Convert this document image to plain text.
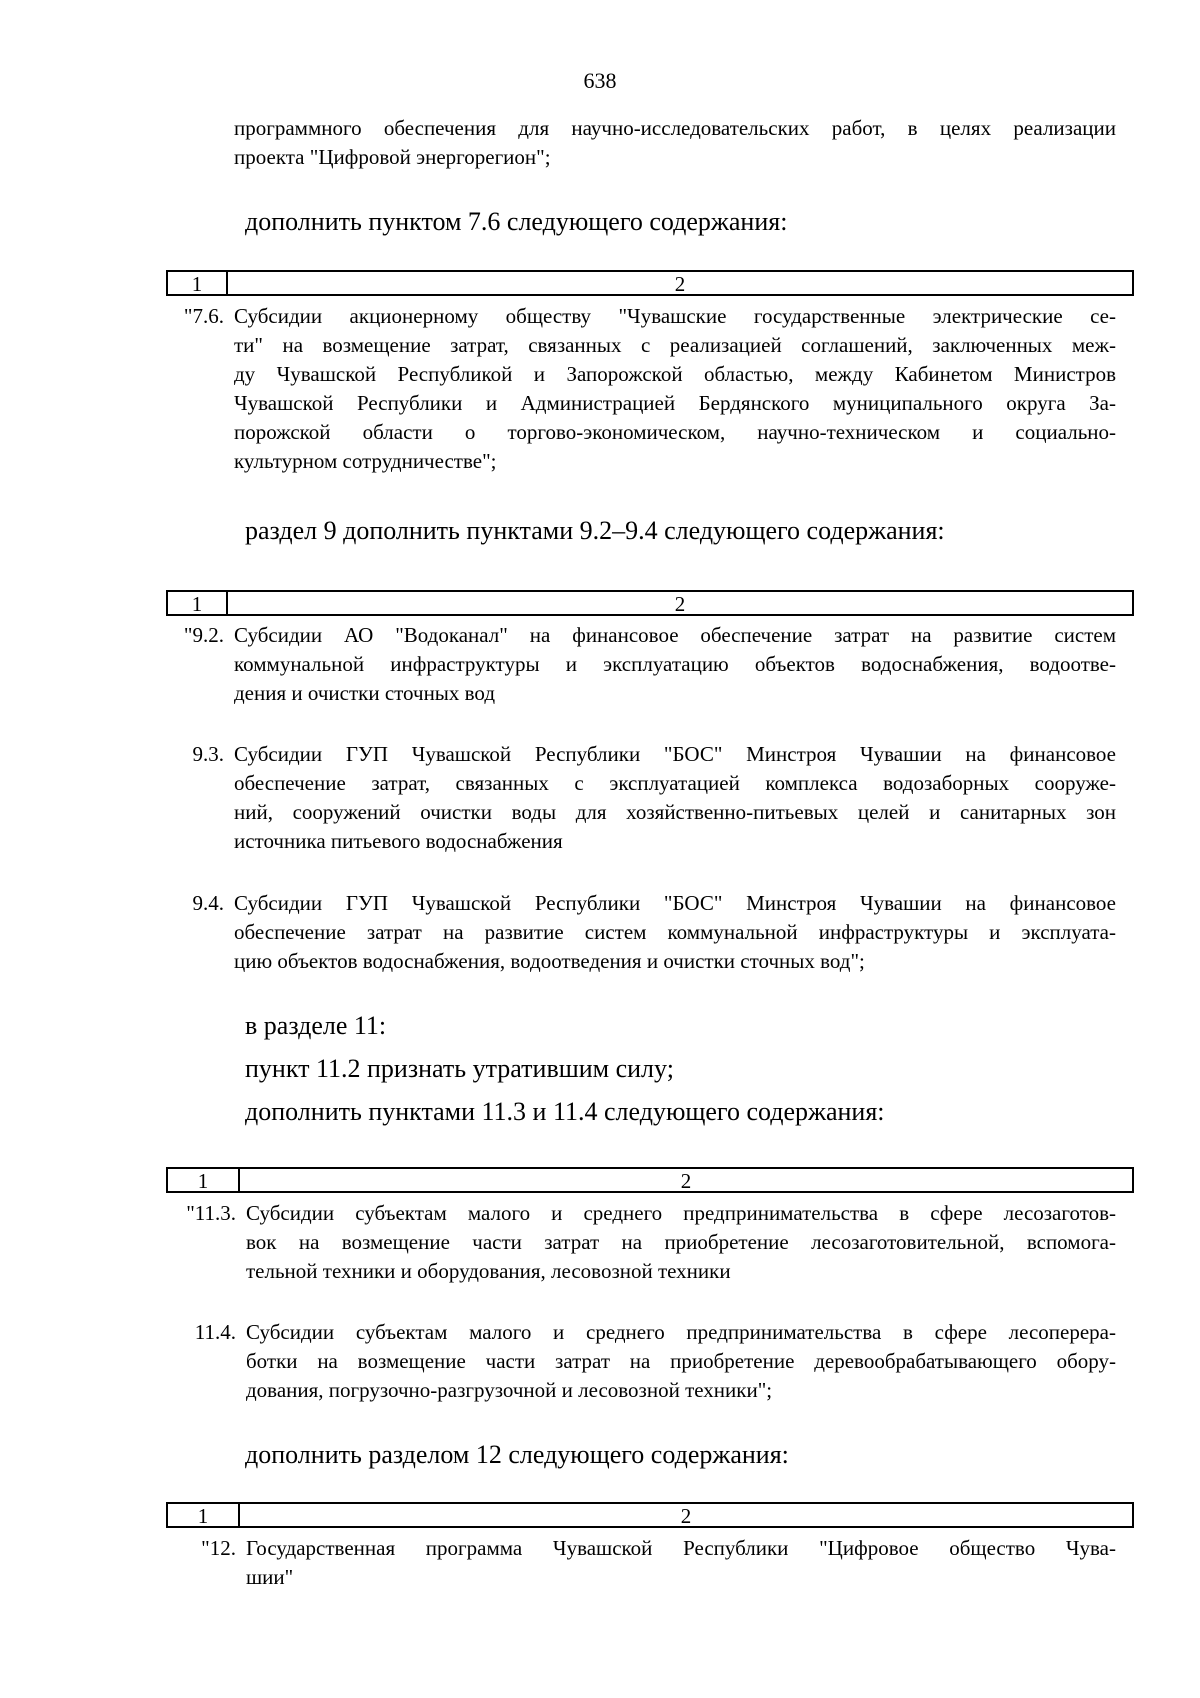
638
программного обеспечения для научно-исследовательских работ, в целях реализации
проекта "Цифровой энергорегион";
дополнить пунктом 7.6 следующего содержания:
1	2
"7.6. Субсидии акционерному обществу "Чувашские государственные электрические се-
ти" на возмещение затрат, связанных с реализацией соглашений, заключенных меж-
ду Чувашской Республикой и Запорожской областью, между Кабинетом Министров
Чувашской Республики и Администрацией Бердянского муниципального округа За-
порожской области о торгово-экономическом, научно-техническом и социально-
культурном сотрудничестве";
раздел 9 дополнить пунктами 9.2–9.4 следующего содержания:
1	2
"9.2. Субсидии АО "Водоканал" на финансовое обеспечение затрат на развитие систем
коммунальной инфраструктуры и эксплуатацию объектов водоснабжения, водоотве-
дения и очистки сточных вод
9.3. Субсидии ГУП Чувашской Республики "БОС" Минстроя Чувашии на финансовое
обеспечение затрат, связанных с эксплуатацией комплекса водозаборных сооруже-
ний, сооружений очистки воды для хозяйственно-питьевых целей и санитарных зон
источника питьевого водоснабжения
9.4. Субсидии ГУП Чувашской Республики "БОС" Минстроя Чувашии на финансовое
обеспечение затрат на развитие систем коммунальной инфраструктуры и эксплуата-
цию объектов водоснабжения, водоотведения и очистки сточных вод";
в разделе 11:
пункт 11.2 признать утратившим силу;
дополнить пунктами 11.3 и 11.4 следующего содержания:
1	2
"11.3. Субсидии субъектам малого и среднего предпринимательства в сфере лесозаготов-
вок на возмещение части затрат на приобретение лесозаготовительной, вспомога-
тельной техники и оборудования, лесовозной техники
11.4. Субсидии субъектам малого и среднего предпринимательства в сфере лесоперера-
ботки на возмещение части затрат на приобретение деревообрабатывающего обору-
дования, погрузочно-разгрузочной и лесовозной техники";
дополнить разделом 12 следующего содержания:
1	2
"12. Государственная программа Чувашской Республики "Цифровое общество Чува-
шии"
